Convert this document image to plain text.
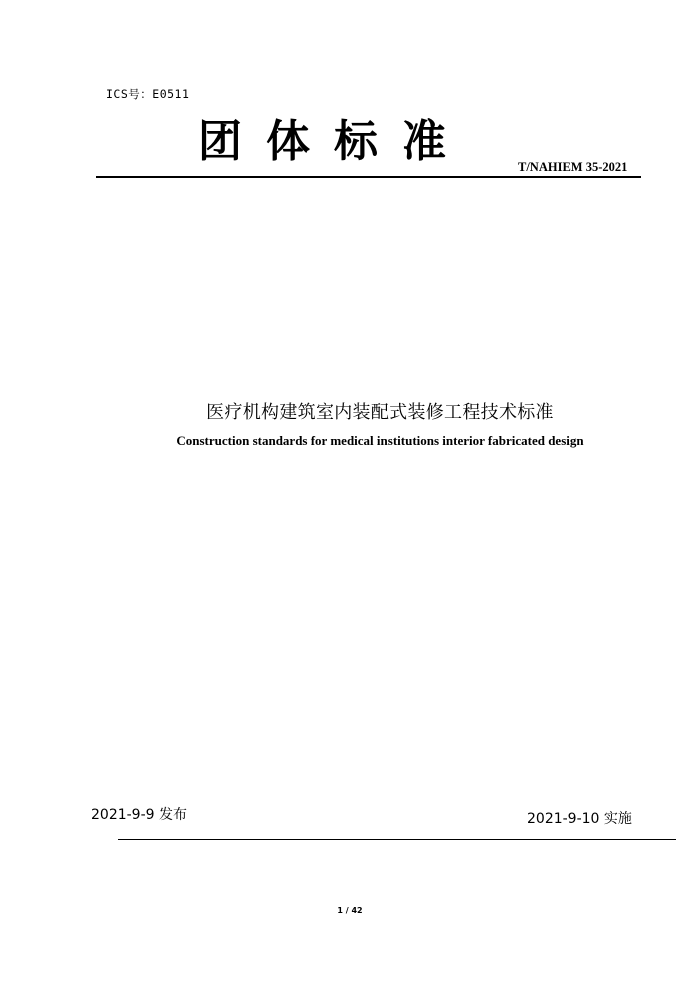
ICS号：E0511
团体标准	T/NAHIEM 35-2021
医疗机构建筑室内装配式装修工程技术标准
Construction standards for medical institutions interior fabricated design
2021-9-9 发布	2021-9-10 实施
1 / 42
